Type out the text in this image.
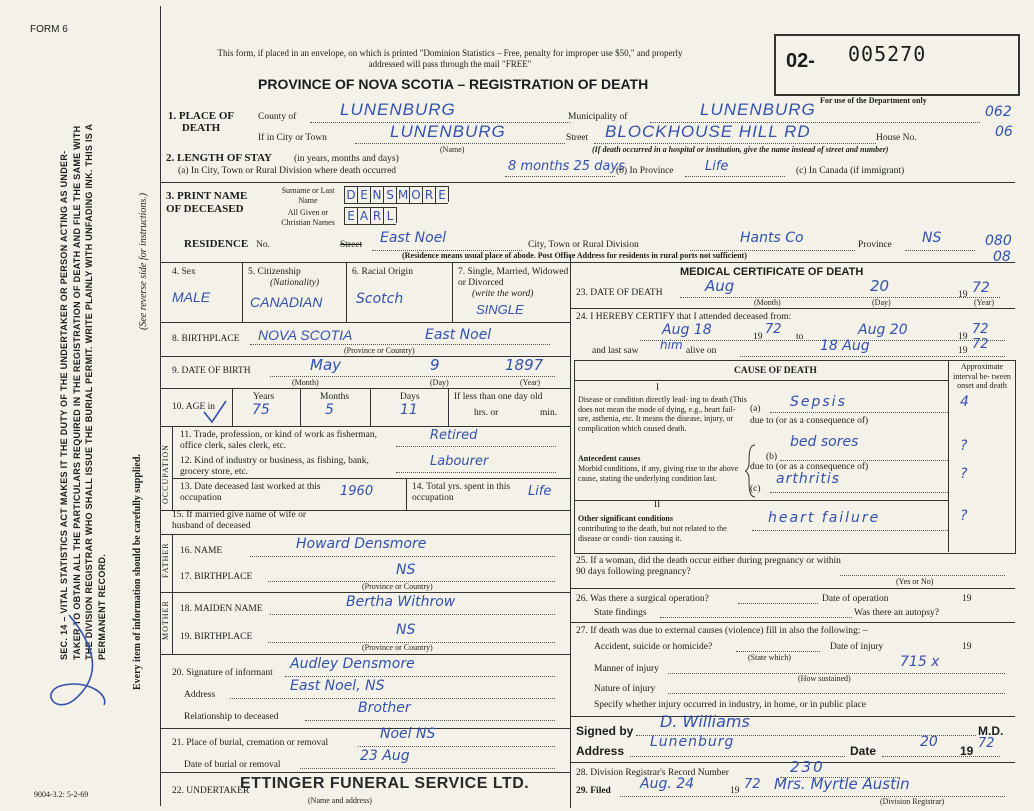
FORM 6
SEC. 14 – VITAL STATISTICS ACT MAKES IT THE DUTY OF THE UNDERTAKER OR PERSON ACTING AS UNDER- TAKER TO OBTAIN ALL THE PARTICULARS REQUIRED IN THE REGISTRATION OF DEATH AND FILE THE SAME WITH THE DIVISION REGISTRAR WHO SHALL ISSUE THE BURIAL PERMIT. WRITE PLAINLY WITH UNFADING INK. THIS IS A PERMANENT RECORD.	Every item of information should be carefully supplied.
(See reverse side for instructions.)
9004-3.2: 5-2-69
This form, if placed in an envelope, on which is printed "Dominion Statistics – Free, penalty for improper use $50," and properly addressed will pass through the mail "FREE"
PROVINCE OF NOVA SCOTIA – REGISTRATION OF DEATH
02- 005270
For use of the Department only
062
06
080
08
1. PLACE OF DEATH
County of	LUNENBURG	Municipality of	LUNENBURG
If in City or Town	LUNENBURG
(Name)
Street BLOCKHOUSE HILL RD	House No.
(If death occurred in a hospital or institution, give the name instead of street and number)
2. LENGTH OF STAY (in years, months and days)
(a) In City, Town or Rural Division where death occurred	8 months 25 days
(b) In Province Life	(c) In Canada (if immigrant)
3. PRINT NAME OF DECEASED
Surname or Last Name
All Given or Christian Names
D E N S M O R E
E A R L
RESIDENCE No.	Street East Noel	City, Town or Rural Division	Hants Co	Province NS
(Residence means usual place of abode. Post Office Address for residents in rural ports not sufficient)
4. Sex
MALE
5. Citizenship
(Nationality)
CANADIAN
6. Racial Origin
Scotch
7. Single, Married, Widowed or Divorced
(write the word)
SINGLE
8. BIRTHPLACE NOVA SCOTIA	East Noel
(Province or Country)
9. DATE OF BIRTH	May	9	1897
(Month)	(Day)	(Year)
10. AGE in
Years
75
Months
5
Days
11
If less than one day old
hrs. or	min.
OCCUPATION
11. Trade, profession, or kind of work as fisherman, office clerk, sales clerk, etc.
Retired
12. Kind of industry or business, as fishing, bank, grocery store, etc.
Labourer
13. Date deceased last worked at this occupation	1960	14. Total yrs. spent in this occupation	Life
15. If married give name of wife or husband of deceased
FATHER 16. NAME	Howard Densmore
17. BIRTHPLACE	NS
(Province or Country)
MOTHER 18. MAIDEN NAME	Bertha Withrow
19. BIRTHPLACE	NS
(Province or Country)
20. Signature of informant
Audley Densmore
Address
East Noel, NS
Relationship to deceased
Brother
21. Place of burial, cremation or removal
Noel NS
Date of burial or removal
23 Aug
22. UNDERTAKER
ETTINGER FUNERAL SERVICE LTD.
(Name and address)
MEDICAL CERTIFICATE OF DEATH
23. DATE OF DEATH	Aug	20	19 72
(Month)	(Day)	(Year)
24. I HEREBY CERTIFY that I attended deceased from:
Aug 18	19 72 to	Aug 20	19 72
and last saw him alive on	18 Aug	19 72
CAUSE OF DEATH	Approximate interval be- tween onset and death
I
Disease or condition directly lead- ing to death (This does not mean the mode of dying, e.g., heart fail- ure, asthenia, etc. It means the disease, injury, or complication which caused death.
(a) Sepsis	4
due to (or as a consequence of)
Antecedent causes
Morbid conditions, if any, giving rise to the above cause, stating the underlying condition last.
(b)
bed sores	?
due to (or as a consequence of)
(c)
arthritis	?
II
Other significant conditions
contributing to the death, but not related to the disease or condi- tion causing it.
heart failure	?
25. If a woman, did the death occur either during pregnancy or within 90 days following pregnancy?
(Yes or No)
26. Was there a surgical operation?	Date of operation	19
State findings	Was there an autopsy?
27. If death was due to external causes (violence) fill in also the following: –
Accident, suicide or homicide?
(State which)
Date of injury	19
Manner of injury	715 x
(How sustained)
Nature of injury
Specify whether injury occurred in industry, in home, or in public place
Signed by D. Williams	M.D.
Address
Lunenburg
Date
20
19 72
28. Division Registrar's Record Number	230
29. Filed Aug. 24	19 72 Mrs. Myrtle Austin
(Division Registrar)
